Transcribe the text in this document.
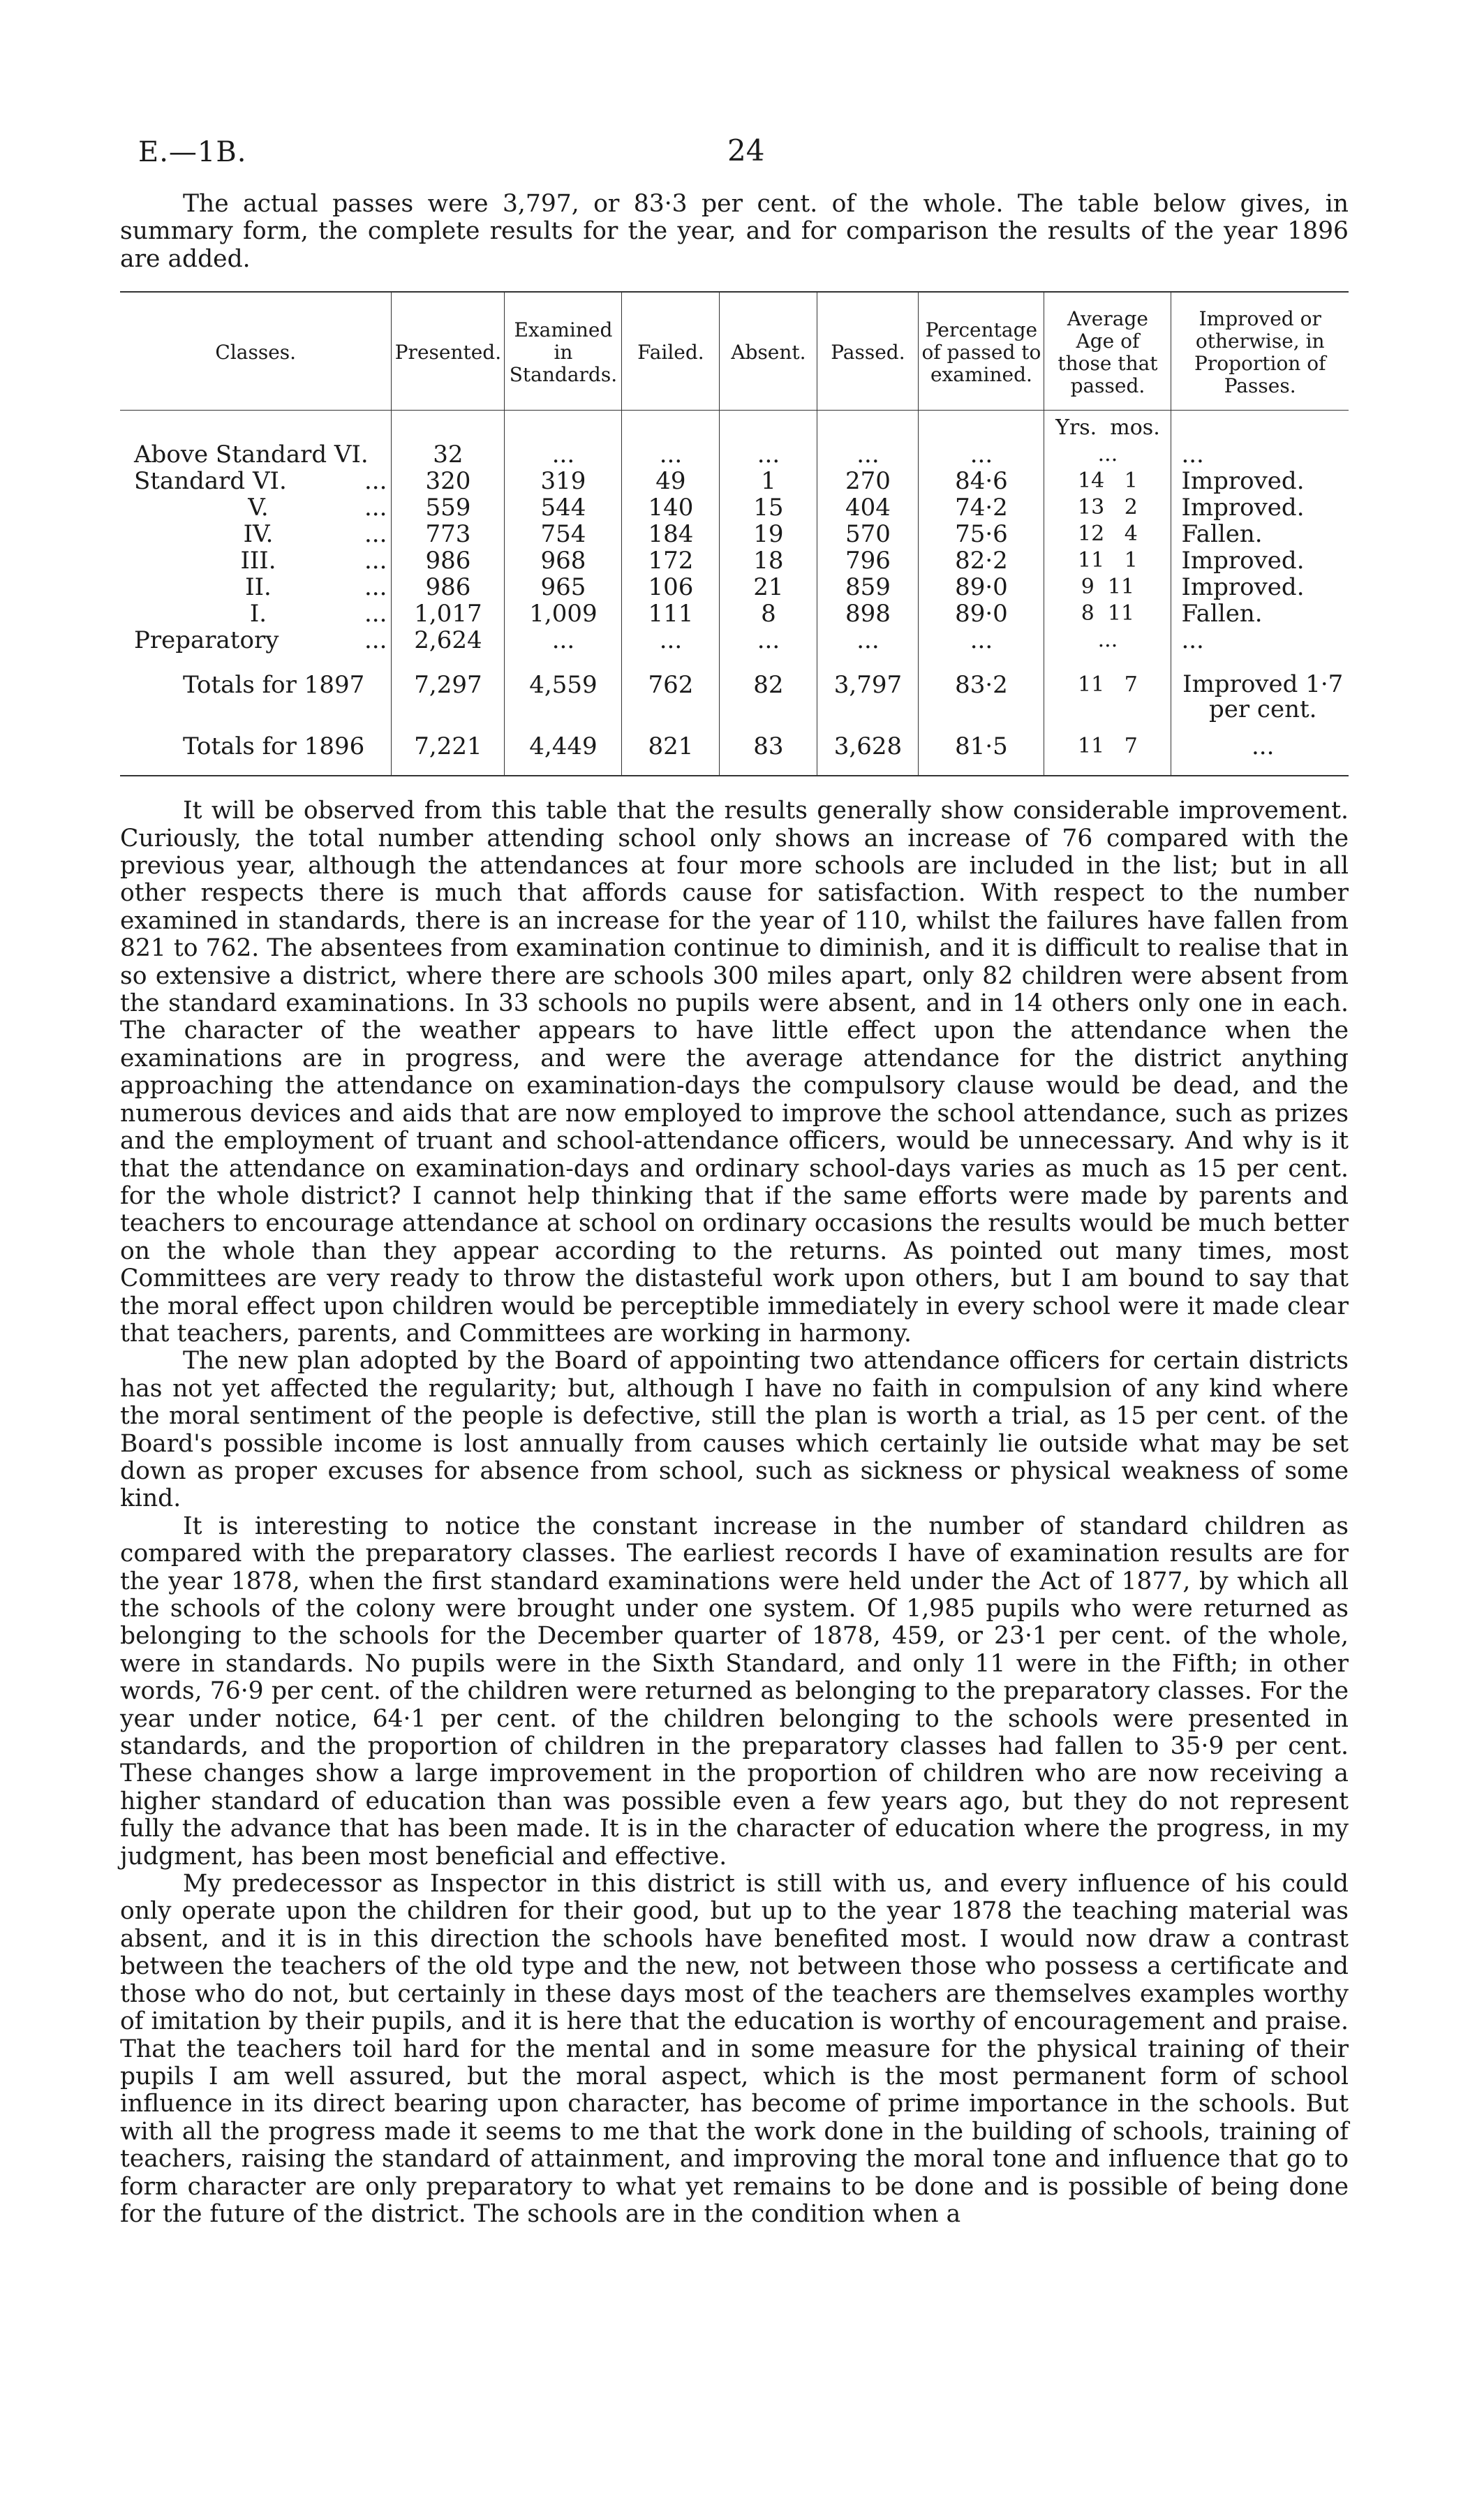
E.—1B.	24

The actual passes were 3,797, or 83·3 per cent. of the whole. The table below gives, in summary form, the complete results for the year, and for comparison the results of the year 1896 are added.

Classes.	Presented.	Examined in Standards.	Failed.	Absent.	Passed.	Percentage of passed to examined.	Average Age of those that passed.	Improved or otherwise, in Proportion of Passes.
							Yrs.  mos.	
Above Standard VI.	32	...	...	...	...	...	...	...
Standard VI. ...	320	319	49	1	270	84·6	14   1	Improved.
V. ...	559	544	140	15	404	74·2	13   2	Improved.
IV. ...	773	754	184	19	570	75·6	12   4	Fallen.
III. ...	986	968	172	18	796	82·2	11   1	Improved.
II. ...	986	965	106	21	859	89·0	9  11	Improved.
I. ...	1,017	1,009	111	8	898	89·0	8  11	Fallen.
Preparatory ...	2,624	...	...	...	...	...	...	...

Totals for 1897	7,297	4,559	762	82	3,797	83·2	11   7	Improved 1·7 per cent.
Totals for 1896	7,221	4,449	821	83	3,628	81·5	11   7	...

It will be observed from this table that the results generally show considerable improvement. Curiously, the total number attending school only shows an increase of 76 compared with the previous year, although the attendances at four more schools are included in the list; but in all other respects there is much that affords cause for satisfaction. With respect to the number examined in standards, there is an increase for the year of 110, whilst the failures have fallen from 821 to 762. The absentees from examination continue to diminish, and it is difficult to realise that in so extensive a district, where there are schools 300 miles apart, only 82 children were absent from the standard examinations. In 33 schools no pupils were absent, and in 14 others only one in each. The character of the weather appears to have little effect upon the attendance when the examinations are in progress, and were the average attendance for the district anything approaching the attendance on examination-days the compulsory clause would be dead, and the numerous devices and aids that are now employed to improve the school attendance, such as prizes and the employment of truant and school-attendance officers, would be unnecessary. And why is it that the attendance on examination-days and ordinary school-days varies as much as 15 per cent. for the whole district? I cannot help thinking that if the same efforts were made by parents and teachers to encourage attendance at school on ordinary occasions the results would be much better on the whole than they appear according to the returns. As pointed out many times, most Committees are very ready to throw the distasteful work upon others, but I am bound to say that the moral effect upon children would be perceptible immediately in every school were it made clear that teachers, parents, and Committees are working in harmony.

The new plan adopted by the Board of appointing two attendance officers for certain districts has not yet affected the regularity; but, although I have no faith in compulsion of any kind where the moral sentiment of the people is defective, still the plan is worth a trial, as 15 per cent. of the Board's possible income is lost annually from causes which certainly lie outside what may be set down as proper excuses for absence from school, such as sickness or physical weakness of some kind.

It is interesting to notice the constant increase in the number of standard children as compared with the preparatory classes. The earliest records I have of examination results are for the year 1878, when the first standard examinations were held under the Act of 1877, by which all the schools of the colony were brought under one system. Of 1,985 pupils who were returned as belonging to the schools for the December quarter of 1878, 459, or 23·1 per cent. of the whole, were in standards. No pupils were in the Sixth Standard, and only 11 were in the Fifth; in other words, 76·9 per cent. of the children were returned as belonging to the preparatory classes. For the year under notice, 64·1 per cent. of the children belonging to the schools were presented in standards, and the proportion of children in the preparatory classes had fallen to 35·9 per cent. These changes show a large improvement in the proportion of children who are now receiving a higher standard of education than was possible even a few years ago, but they do not represent fully the advance that has been made. It is in the character of education where the progress, in my judgment, has been most beneficial and effective.

My predecessor as Inspector in this district is still with us, and every influence of his could only operate upon the children for their good, but up to the year 1878 the teaching material was absent, and it is in this direction the schools have benefited most. I would now draw a contrast between the teachers of the old type and the new, not between those who possess a certificate and those who do not, but certainly in these days most of the teachers are themselves examples worthy of imitation by their pupils, and it is here that the education is worthy of encouragement and praise. That the teachers toil hard for the mental and in some measure for the physical training of their pupils I am well assured, but the moral aspect, which is the most permanent form of school influence in its direct bearing upon character, has become of prime importance in the schools. But with all the progress made it seems to me that the work done in the building of schools, training of teachers, raising the standard of attainment, and improving the moral tone and influence that go to form character are only preparatory to what yet remains to be done and is possible of being done for the future of the district. The schools are in the condition when a
